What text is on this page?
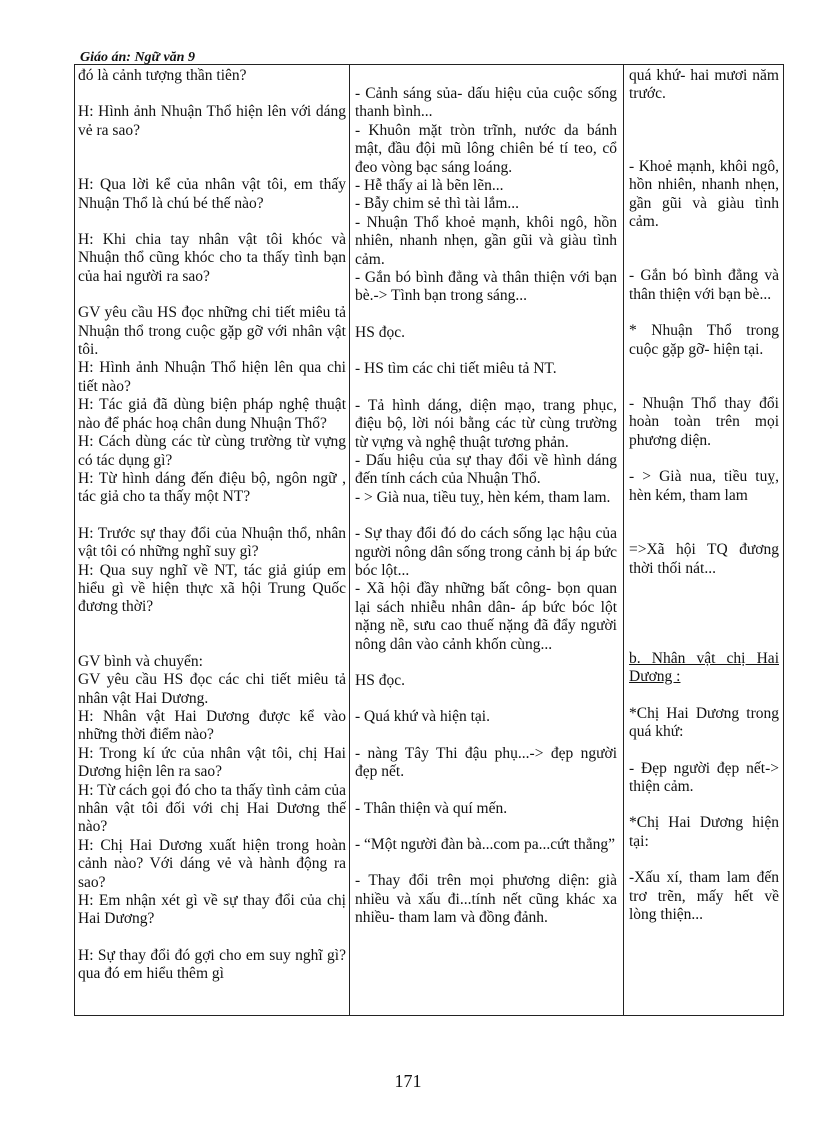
Giáo án: Ngữ văn 9

đó là cảnh tượng thần tiên?

H: Hình ảnh Nhuận Thổ hiện lên với dáng vẻ ra sao?

H: Qua lời kể của nhân vật tôi, em thấy Nhuận Thổ là chú bé thế nào?

H: Khi chia tay nhân vật tôi khóc và Nhuận thổ cũng khóc cho ta thấy tình bạn của hai người ra sao?

GV yêu cầu HS đọc những chi tiết miêu tả Nhuận thổ trong cuộc gặp gỡ với nhân vật tôi.

H: Hình ảnh Nhuận Thổ hiện lên qua chi tiết nào?

H: Tác giả đã dùng biện pháp nghệ thuật nào để phác hoạ chân dung Nhuận Thổ?

H: Cách dùng các từ cùng trường từ vựng có tác dụng gì?

H: Từ hình dáng đến điệu bộ, ngôn ngữ , tác giả cho ta thấy một NT?

H: Trước sự thay đổi của Nhuận thổ, nhân vật tôi có những nghĩ suy gì?

H: Qua suy nghĩ về NT, tác giả giúp em hiểu gì về hiện thực xã hội Trung Quốc đương thời?

GV bình và chuyển:

GV yêu cầu HS đọc các chi tiết miêu tả nhân vật Hai Dương.

H: Nhân vật Hai Dương được kể vào những thời điểm nào?

H: Trong kí ức của nhân vật tôi, chị Hai Dương hiện lên ra sao?

H: Từ cách gọi đó cho ta thấy tình cảm của nhân vật tôi đối với chị Hai Dương thế nào?

H: Chị Hai Dương xuất hiện trong hoàn cảnh nào? Với dáng vẻ và hành động ra sao?

H: Em nhận xét gì về sự thay đổi của chị Hai Dương?

H: Sự thay đổi đó gợi cho em suy nghĩ gì? qua đó em hiểu thêm gì

- Cảnh sáng sủa- dấu hiệu của cuộc sống thanh bình...

- Khuôn mặt tròn trĩnh, nước da bánh mật, đầu đội mũ lông chiên bé tí teo, cổ đeo vòng bạc sáng loáng.

- Hễ thấy ai là bẽn lẽn...

- Bẫy chim sẻ thì tài lắm...

- Nhuận Thổ khoẻ mạnh, khôi ngô, hồn nhiên, nhanh nhẹn, gần gũi và giàu tình cảm.

- Gắn bó bình đẳng và thân thiện với bạn bè.-> Tình bạn trong sáng...

HS đọc.

- HS tìm các chi tiết miêu tả NT.

- Tả hình dáng, diện mạo, trang phục, điệu bộ, lời nói bằng các từ cùng trường từ vựng và nghệ thuật tương phản.

- Dấu hiệu của sự thay đổi về hình dáng đến tính cách của Nhuận Thổ.

- > Già nua, tiều tuỵ, hèn kém, tham lam.

- Sự thay đổi đó do cách sống lạc hậu của người nông dân sống trong cảnh bị áp bức bóc lột...

- Xã hội đầy những bất công- bọn quan lại sách nhiễu nhân dân- áp bức bóc lột nặng nề, sưu cao thuế nặng đã đẩy người nông dân vào cảnh khốn cùng...

HS đọc.

- Quá khứ và hiện tại.

- nàng Tây Thi đậu phụ...-> đẹp người đẹp nết.

- Thân thiện và quí mến.

- “Một người đàn bà...com pa...cứt thẳng”

- Thay đổi trên mọi phương diện: già nhiều và xấu đi...tính nết cũng khác xa nhiều- tham lam và đồng đảnh.

quá khứ- hai mươi năm trước.

- Khoẻ mạnh, khôi ngô, hồn nhiên, nhanh nhẹn, gần gũi và giàu tình cảm.

- Gắn bó bình đẳng và thân thiện với bạn bè...

* Nhuận Thổ trong cuộc gặp gỡ- hiện tại.

- Nhuận Thổ thay đổi hoàn toàn trên mọi phương diện.

- > Già nua, tiều tuỵ, hèn kém, tham lam

=>Xã hội TQ đương thời thối nát...

b. Nhân vật chị Hai Dương :

*Chị Hai Dương trong quá khứ:

- Đẹp người đẹp nết-> thiện cảm.

*Chị Hai Dương hiện tại:

-Xấu xí, tham lam đến trơ trẽn, mấy hết về lòng thiện...

171
